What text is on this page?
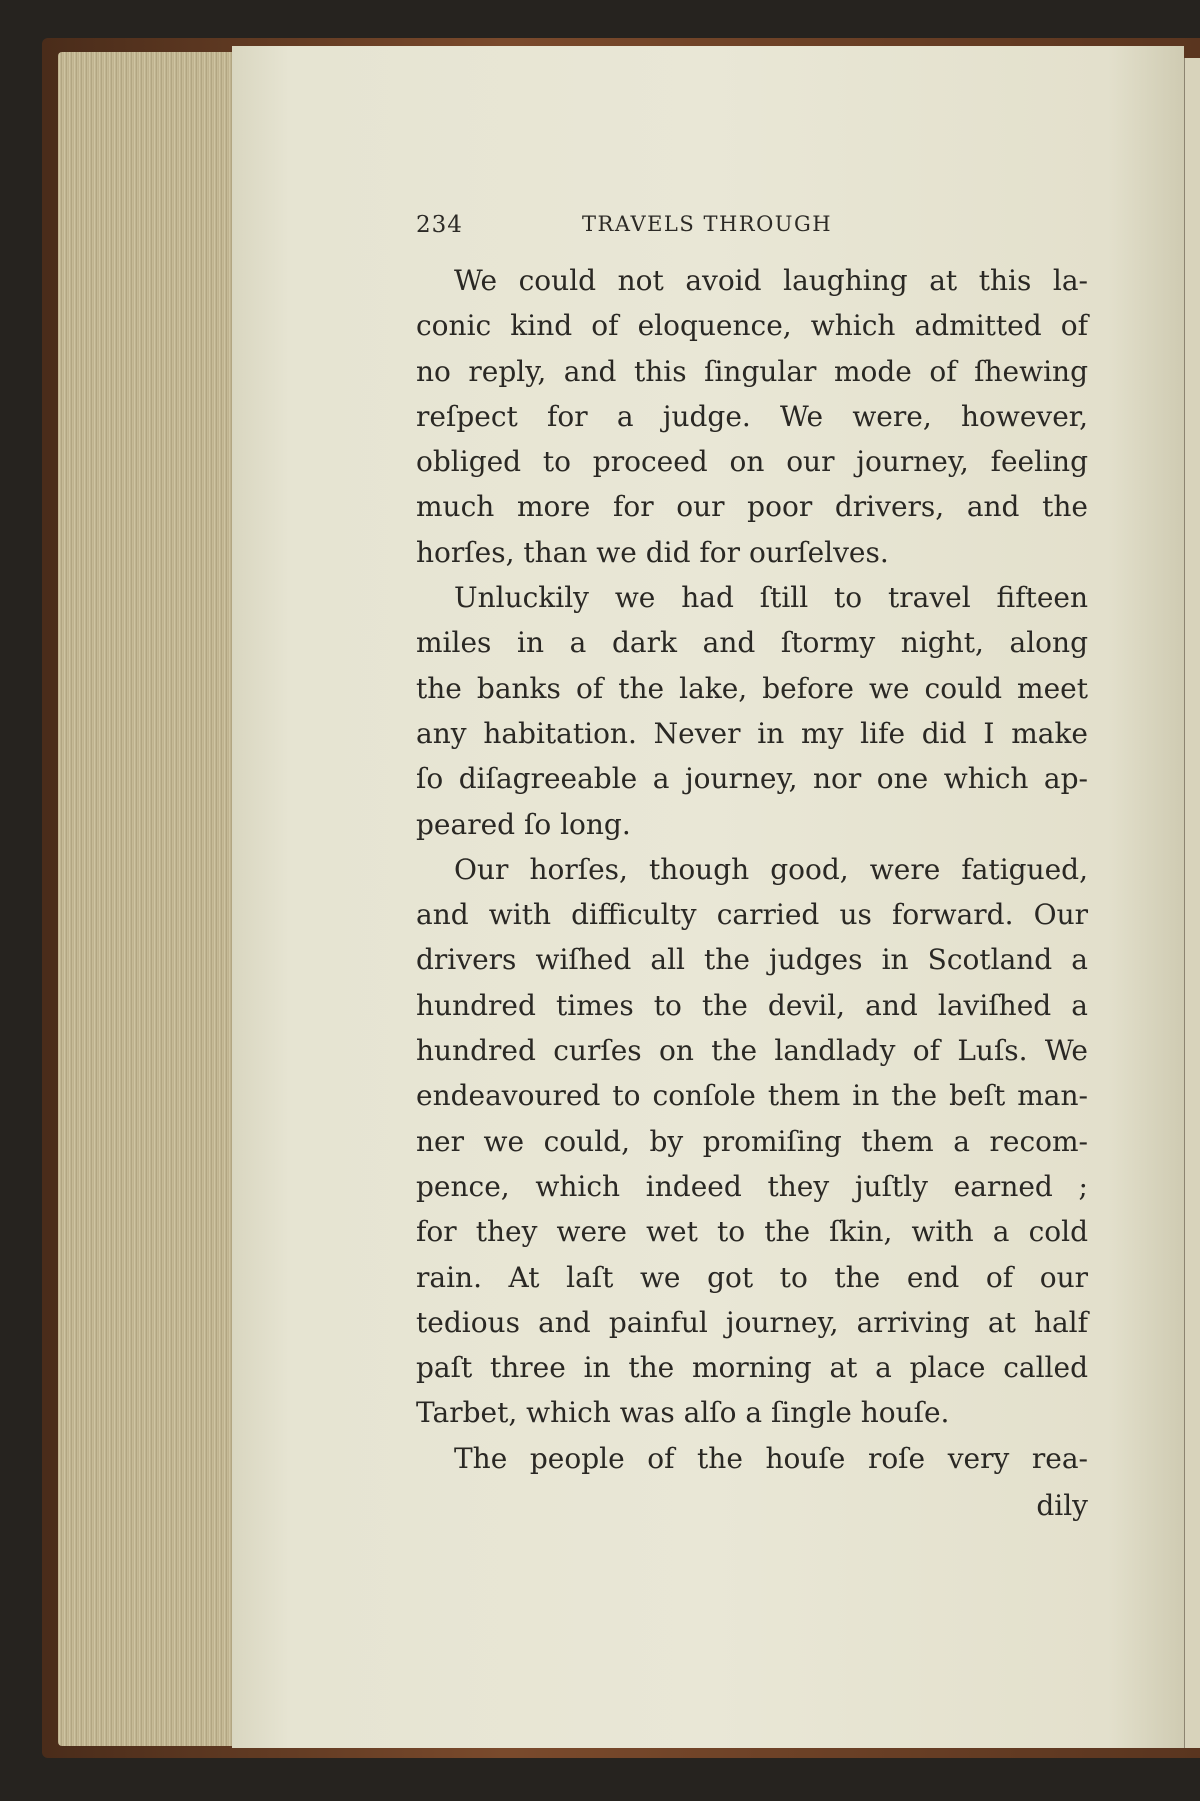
234	TRAVELS THROUGH
We could not avoid laughing at this la-
conic kind of eloquence, which admitted of
no reply, and this ſingular mode of ſhewing
reſpect for a judge. We were, however,
obliged to proceed on our journey, feeling
much more for our poor drivers, and the
horſes, than we did for ourſelves.
Unluckily we had ſtill to travel fifteen
miles in a dark and ſtormy night, along
the banks of the lake, before we could meet
any habitation. Never in my life did I make
ſo diſagreeable a journey, nor one which ap-
peared ſo long.
Our horſes, though good, were fatigued,
and with difficulty carried us forward. Our
drivers wiſhed all the judges in Scotland a
hundred times to the devil, and laviſhed a
hundred curſes on the landlady of Luſs. We
endeavoured to conſole them in the beſt man-
ner we could, by promiſing them a recom-
pence, which indeed they juſtly earned ;
for they were wet to the ſkin, with a cold
rain. At laſt we got to the end of our
tedious and painful journey, arriving at half
paſt three in the morning at a place called
Tarbet, which was alſo a ſingle houſe.
The people of the houſe roſe very rea-
dily
